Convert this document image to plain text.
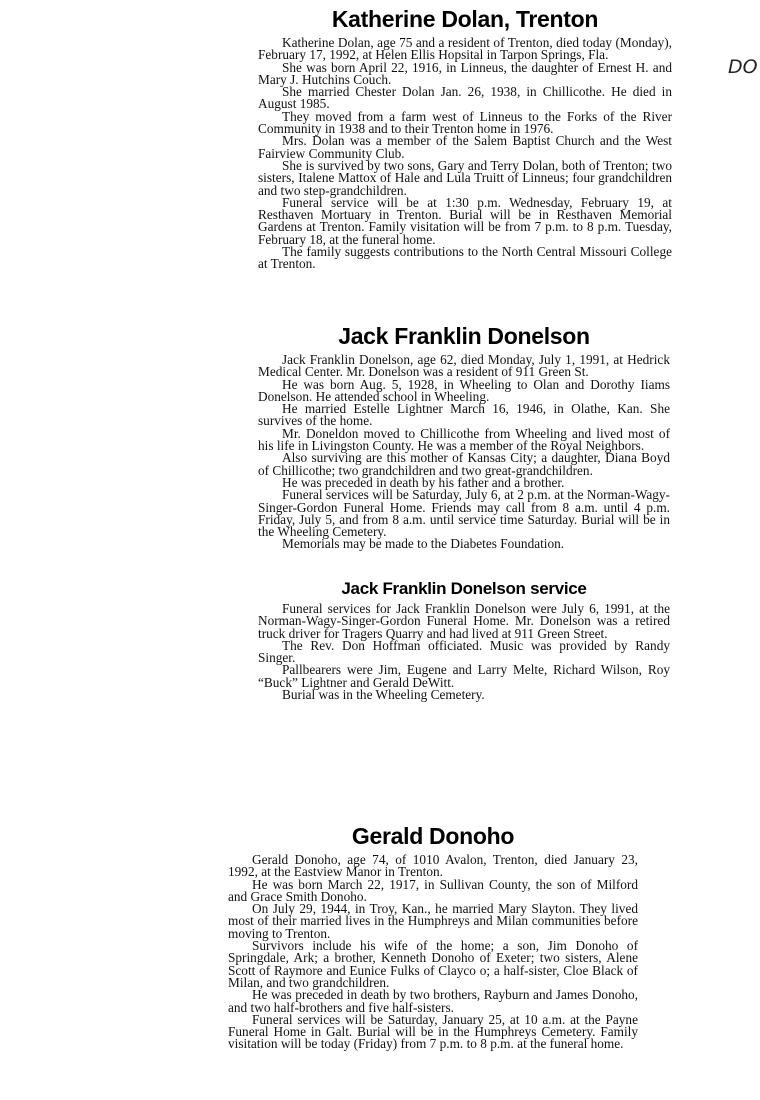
DO
Katherine Dolan, Trenton

Katherine Dolan, age 75 and a resident of Trenton, died today (Monday), February 17, 1992, at Helen Ellis Hopsital in Tarpon Springs, Fla.

She was born April 22, 1916, in Linneus, the daughter of Ernest H. and Mary J. Hutchins Couch.

She married Chester Dolan Jan. 26, 1938, in Chillicothe. He died in August 1985.

They moved from a farm west of Linneus to the Forks of the River Community in 1938 and to their Trenton home in 1976.

Mrs. Dolan was a member of the Salem Baptist Church and the West Fairview Community Club.

She is survived by two sons, Gary and Terry Dolan, both of Trenton; two sisters, Italene Mattox of Hale and Lula Truitt of Linneus; four grandchildren and two step-grandchildren.

Funeral service will be at 1:30 p.m. Wednesday, February 19, at Resthaven Mortuary in Trenton. Burial will be in Resthaven Memorial Gardens at Trenton. Family visitation will be from 7 p.m. to 8 p.m. Tuesday, February 18, at the funeral home.

The family suggests contributions to the North Central Missouri College at Trenton.

Jack Franklin Donelson

Jack Franklin Donelson, age 62, died Monday, July 1, 1991, at Hedrick Medical Center. Mr. Donelson was a resident of 911 Green St.

He was born Aug. 5, 1928, in Wheeling to Olan and Dorothy Iiams Donelson. He attended school in Wheeling.

He married Estelle Lightner March 16, 1946, in Olathe, Kan. She survives of the home.

Mr. Doneldon moved to Chillicothe from Wheeling and lived most of his life in Livingston County. He was a member of the Royal Neighbors.

Also surviving are this mother of Kansas City; a daughter, Diana Boyd of Chillicothe; two grandchildren and two great-grandchildren.

He was preceded in death by his father and a brother.

Funeral services will be Saturday, July 6, at 2 p.m. at the Norman-Wagy-Singer-Gordon Funeral Home. Friends may call from 8 a.m. until 4 p.m. Friday, July 5, and from 8 a.m. until service time Saturday. Burial will be in the Wheeling Cemetery.

Memorials may be made to the Diabetes Foundation.

Jack Franklin Donelson service

Funeral services for Jack Franklin Donelson were July 6, 1991, at the Norman-Wagy-Singer-Gordon Funeral Home. Mr. Donelson was a retired truck driver for Tragers Quarry and had lived at 911 Green Street.

The Rev. Don Hoffman officiated. Music was provided by Randy Singer.

Pallbearers were Jim, Eugene and Larry Melte, Richard Wilson, Roy “Buck” Lightner and Gerald DeWitt.

Burial was in the Wheeling Cemetery.

Gerald Donoho

Gerald Donoho, age 74, of 1010 Avalon, Trenton, died January 23, 1992, at the Eastview Manor in Trenton.

He was born March 22, 1917, in Sullivan County, the son of Milford and Grace Smith Donoho.

On July 29, 1944, in Troy, Kan., he married Mary Slayton. They lived most of their married lives in the Humphreys and Milan communities before moving to Trenton.

Survivors include his wife of the home; a son, Jim Donoho of Springdale, Ark; a brother, Kenneth Donoho of Exeter; two sisters, Alene Scott of Raymore and Eunice Fulks of Clayco o; a half-sister, Cloe Black of Milan, and two grandchildren.

He was preceded in death by two brothers, Rayburn and James Donoho, and two half-brothers and five half-sisters.

Funeral services will be Saturday, January 25, at 10 a.m. at the Payne Funeral Home in Galt. Burial will be in the Humphreys Cemetery. Family visitation will be today (Friday) from 7 p.m. to 8 p.m. at the funeral home.
